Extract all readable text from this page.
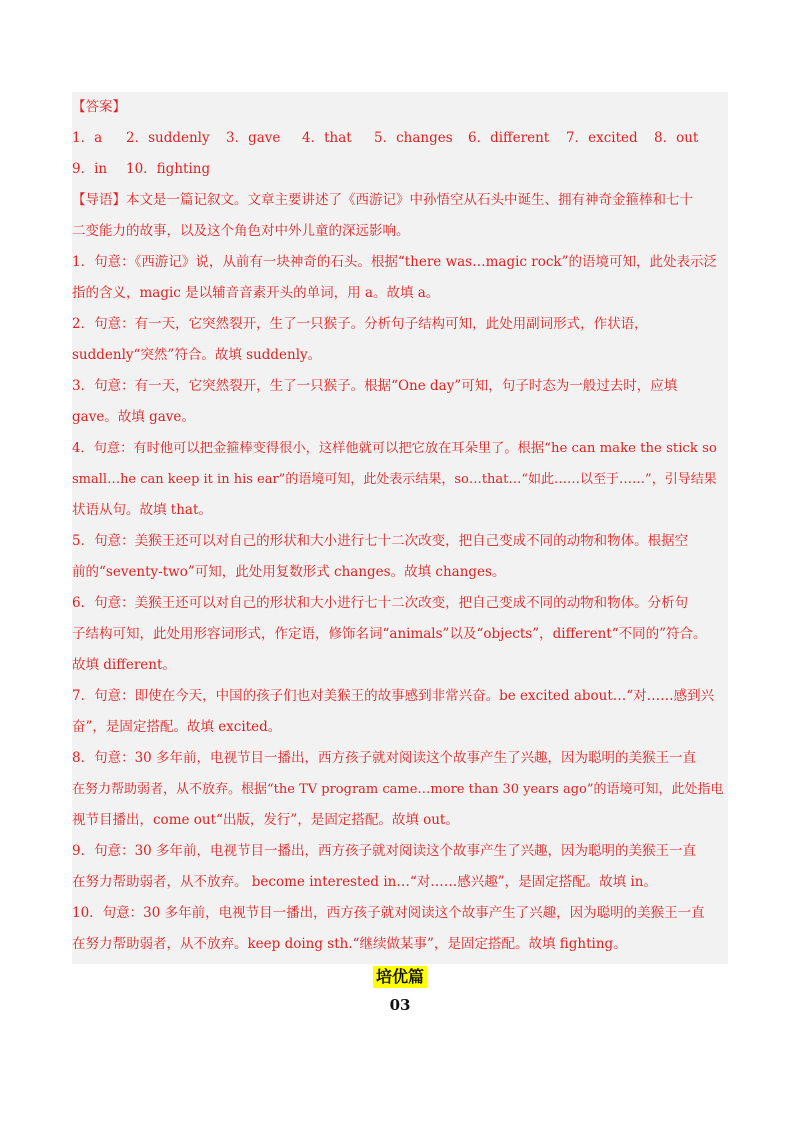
【答案】
1．a 2．suddenly 3．gave 4．that 5．changes 6．different 7．excited 8．out
9．in 10．fighting
【导语】本文是一篇记叙文。文章主要讲述了《西游记》中孙悟空从石头中诞生、拥有神奇金箍棒和七十
二变能力的故事，以及这个角色对中外儿童的深远影响。
1．句意：《西游记》说，从前有一块神奇的石头。根据“there was…magic rock”的语境可知，此处表示泛
指的含义，magic 是以辅音音素开头的单词，用 a。故填 a。
2．句意：有一天，它突然裂开，生了一只猴子。分析句子结构可知，此处用副词形式，作状语，
suddenly“突然”符合。故填 suddenly。
3．句意：有一天，它突然裂开，生了一只猴子。根据“One day”可知，句子时态为一般过去时，应填
gave。故填 gave。
4．句意：有时他可以把金箍棒变得很小，这样他就可以把它放在耳朵里了。根据“he can make the stick so
small…he can keep it in his ear”的语境可知，此处表示结果，so…that…“如此……以至于……”，引导结果
状语从句。故填 that。
5．句意：美猴王还可以对自己的形状和大小进行七十二次改变，把自己变成不同的动物和物体。根据空
前的“seventy-two”可知，此处用复数形式 changes。故填 changes。
6．句意：美猴王还可以对自己的形状和大小进行七十二次改变，把自己变成不同的动物和物体。分析句
子结构可知，此处用形容词形式，作定语，修饰名词“animals”以及“objects”，different“不同的”符合。
故填 different。
7．句意：即使在今天，中国的孩子们也对美猴王的故事感到非常兴奋。be excited about…“对……感到兴
奋”，是固定搭配。故填 excited。
8．句意：30 多年前，电视节目一播出，西方孩子就对阅读这个故事产生了兴趣，因为聪明的美猴王一直
在努力帮助弱者，从不放弃。根据“the TV program came…more than 30 years ago”的语境可知，此处指电
视节目播出，come out“出版，发行”，是固定搭配。故填 out。
9．句意：30 多年前，电视节目一播出，西方孩子就对阅读这个故事产生了兴趣，因为聪明的美猴王一直
在努力帮助弱者，从不放弃。 become interested in…“对……感兴趣”，是固定搭配。故填 in。
10．句意：30 多年前，电视节目一播出，西方孩子就对阅读这个故事产生了兴趣，因为聪明的美猴王一直
在努力帮助弱者，从不放弃。keep doing sth.“继续做某事”，是固定搭配。故填 fighting。
培优篇
03
